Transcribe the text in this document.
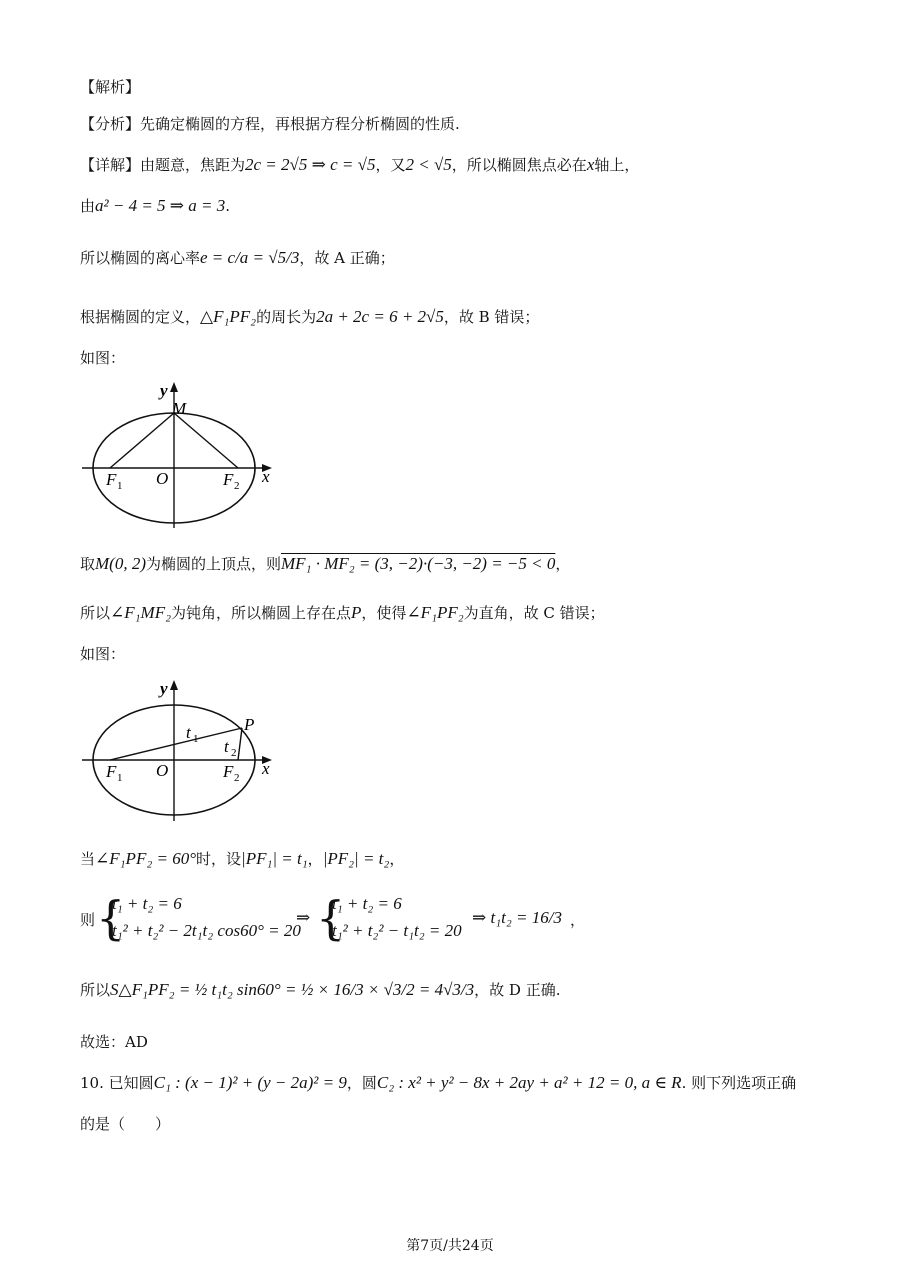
【解析】
【分析】先确定椭圆的方程，再根据方程分析椭圆的性质.
【详解】由题意，焦距为2c = 2√5 ⇒ c = √5，又2 < √5，所以椭圆焦点必在x轴上，
由a² − 4 = 5 ⇒ a = 3.
所以椭圆的离心率e = c/a = √5/3，故 A 正确；
根据椭圆的定义，△F₁PF₂的周长为2a + 2c = 6 + 2√5，故 B 错误；
如图：
y
M
x
O
F 1	F 2
取M(0, 2)为椭圆的上顶点，则MF₁ · MF₂ = (3, −2)·(−3, −2) = −5 < 0，
所以∠F₁MF₂为钝角，所以椭圆上存在点P，使得∠F₁PF₂为直角，故 C 错误；
如图：
y
P
x
O
t 1 t 2
F 1	F 2
当∠F₁PF₂ = 60°时，设|PF₁| = t₁，|PF₂| = t₂，
则 {
t₁ + t₂ = 6
t₁² + t₂² − 2t₁t₂ cos60° = 20
⇒ {
t₁ + t₂ = 6
t₁² + t₂² − t₁t₂ = 20
⇒ t₁t₂ = 16/3 ，
所以S△F₁PF₂ = ½ t₁t₂ sin60° = ½ × 16/3 × √3/2 = 4√3/3，故 D 正确.
故选：AD
10. 已知圆C₁ : (x − 1)² + (y − 2a)² = 9，圆C₂ : x² + y² − 8x + 2ay + a² + 12 = 0, a ∈ R. 则下列选项正确
的是（　　）
第7页/共24页
